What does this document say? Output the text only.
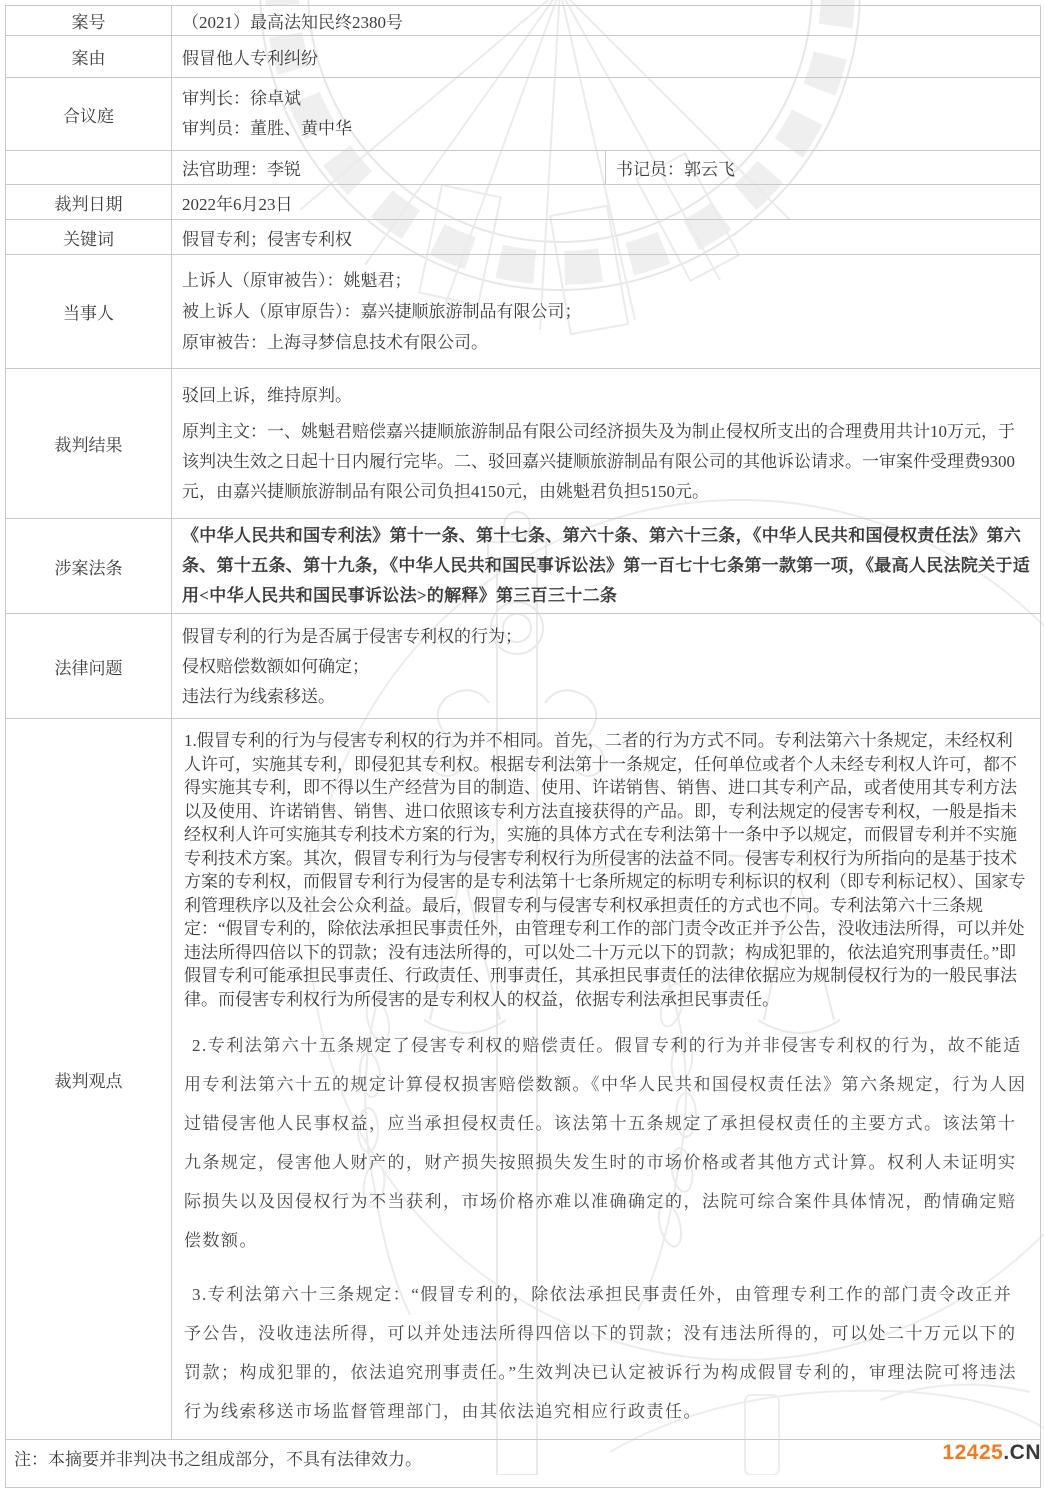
案号	（2021）最高法知民终2380号	
案由	假冒他人专利纠纷	
合议庭	审判长：徐卓斌
审判员：董胜、黄中华	

	法官助理：李锐	书记员：郭云飞
裁判日期	2022年6月23日	
关键词	假冒专利；侵害专利权	
当事人	上诉人（原审被告）：姚魁君；
被上诉人（原审原告）：嘉兴捷顺旅游制品有限公司；
原审被告：上海寻梦信息技术有限公司。	

裁判结果	驳回上诉，维持原判。
原判主文：一、姚魁君赔偿嘉兴捷顺旅游制品有限公司经济损失及为制止侵权所支出的合理费用共计10万元，于该判决生效之日起十日内履行完毕。二、驳回嘉兴捷顺旅游制品有限公司的其他诉讼请求。一审案件受理费9300元，由嘉兴捷顺旅游制品有限公司负担4150元，由姚魁君负担5150元。	

涉案法条	《中华人民共和国专利法》第十一条、第十七条、第六十条、第六十三条，《中华人民共和国侵权责任法》第六条、第十五条、第十九条，《中华人民共和国民事诉讼法》第一百七十七条第一款第一项，《最高人民法院关于适用<中华人民共和国民事诉讼法>的解释》第三百三十二条	
法律问题	假冒专利的行为是否属于侵害专利权的行为；
侵权赔偿数额如何确定；
违法行为线索移送。	

裁判观点	1.假冒专利的行为与侵害专利权的行为并不相同。首先，二者的行为方式不同。专利法第六十条规定，未经权利人许可，实施其专利，即侵犯其专利权。根据专利法第十一条规定，任何单位或者个人未经专利权人许可，都不得实施其专利，即不得以生产经营为目的制造、使用、许诺销售、销售、进口其专利产品，或者使用其专利方法以及使用、许诺销售、销售、进口依照该专利方法直接获得的产品。即，专利法规定的侵害专利权，一般是指未经权利人许可实施其专利技术方案的行为，实施的具体方式在专利法第十一条中予以规定，而假冒专利并不实施专利技术方案。其次，假冒专利行为与侵害专利权行为所侵害的法益不同。侵害专利权行为所指向的是基于技术方案的专利权，而假冒专利行为侵害的是专利法第十七条所规定的标明专利标识的权利（即专利标记权）、国家专利管理秩序以及社会公众利益。最后，假冒专利与侵害专利权承担责任的方式也不同。专利法第六十三条规定：“假冒专利的，除依法承担民事责任外，由管理专利工作的部门责令改正并予公告，没收违法所得，可以并处违法所得四倍以下的罚款；没有违法所得的，可以处二十万元以下的罚款；构成犯罪的，依法追究刑事责任。”即假冒专利可能承担民事责任、行政责任、刑事责任，其承担民事责任的法律依据应为规制侵权行为的一般民事法律。而侵害专利权行为所侵害的是专利权人的权益，依据专利法承担民事责任。
2.专利法第六十五条规定了侵害专利权的赔偿责任。假冒专利的行为并非侵害专利权的行为，故不能适用专利法第六十五的规定计算侵权损害赔偿数额。《中华人民共和国侵权责任法》第六条规定，行为人因过错侵害他人民事权益，应当承担侵权责任。该法第十五条规定了承担侵权责任的主要方式。该法第十九条规定，侵害他人财产的，财产损失按照损失发生时的市场价格或者其他方式计算。权利人未证明实际损失以及因侵权行为不当获利，市场价格亦难以准确确定的，法院可综合案件具体情况，酌情确定赔偿数额。
3.专利法第六十三条规定：“假冒专利的，除依法承担民事责任外，由管理专利工作的部门责令改正并予公告，没收违法所得，可以并处违法所得四倍以下的罚款；没有违法所得的，可以处二十万元以下的罚款；构成犯罪的，依法追究刑事责任。”生效判决已认定被诉行为构成假冒专利的，审理法院可将违法行为线索移送市场监督管理部门，由其依法追究相应行政责任。	

注：本摘要并非判决书之组成部分，不具有法律效力。			12425.CN
